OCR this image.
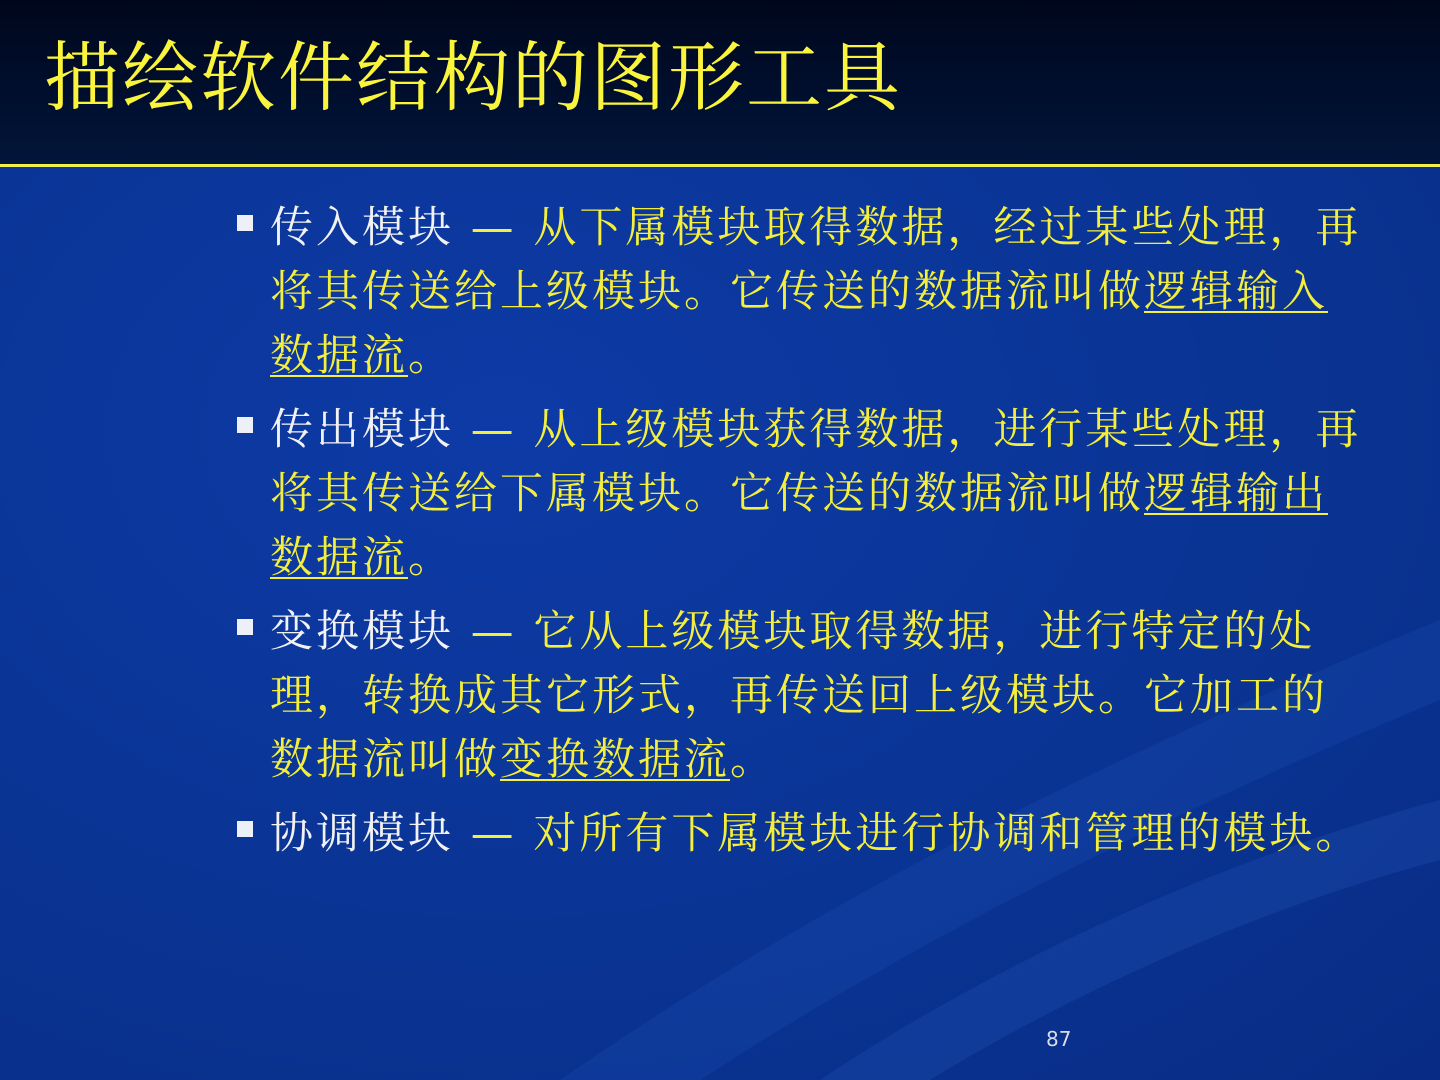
描绘软件结构的图形工具
传入模块 — 从下属模块取得数据，经过某些处理，再将其传送给上级模块。它传送的数据流叫做逻辑输入数据流。
传出模块 — 从上级模块获得数据，进行某些处理，再将其传送给下属模块。它传送的数据流叫做逻辑输出数据流。
变换模块 — 它从上级模块取得数据，进行特定的处理，转换成其它形式，再传送回上级模块。它加工的数据流叫做变换数据流。
协调模块 — 对所有下属模块进行协调和管理的模块。
87
